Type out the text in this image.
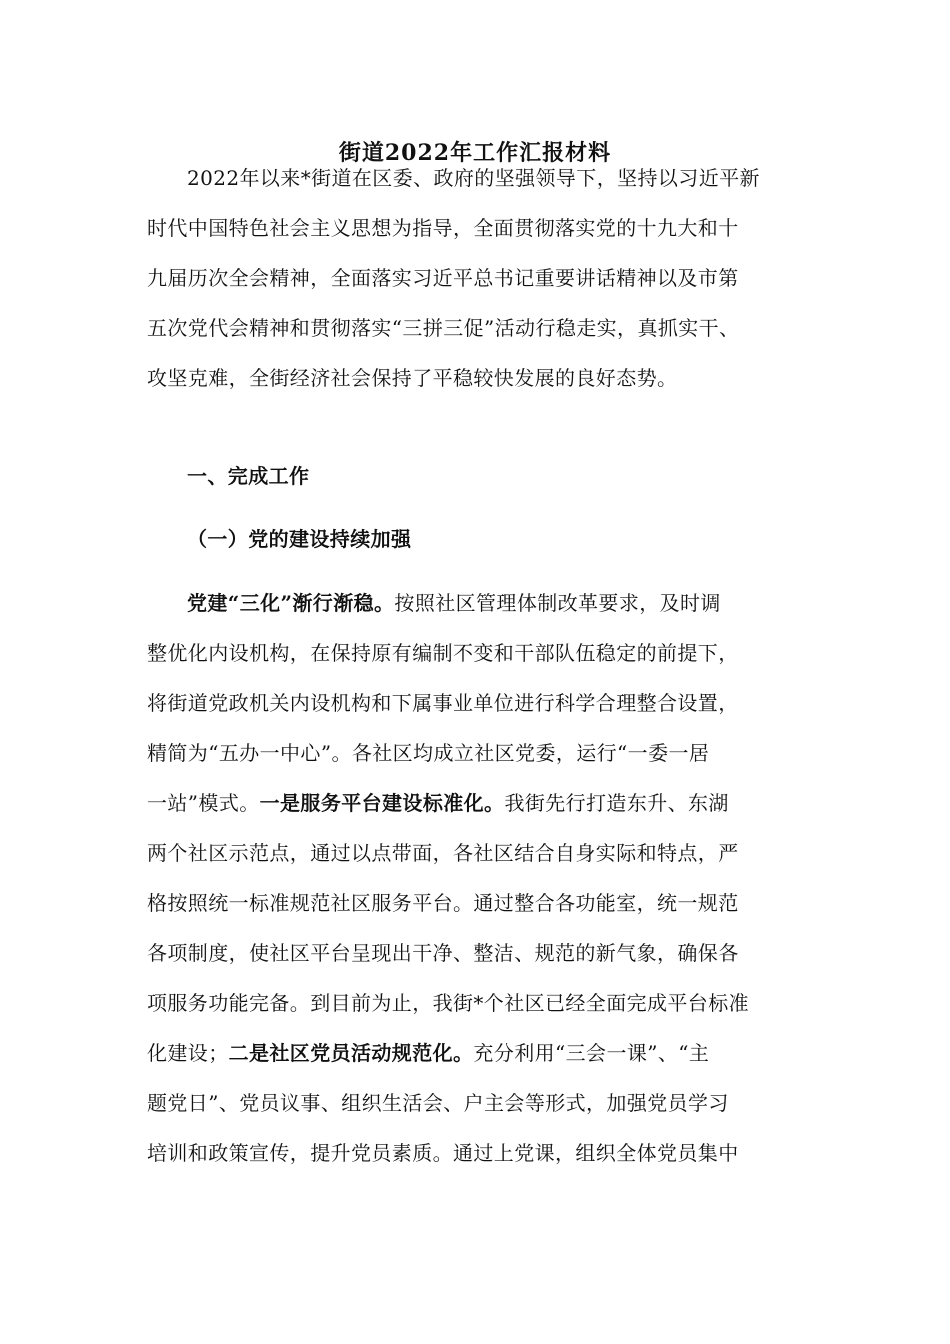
街道2022年工作汇报材料
2022年以来*街道在区委、政府的坚强领导下，坚持以习近平新
时代中国特色社会主义思想为指导，全面贯彻落实党的十九大和十
九届历次全会精神，全面落实习近平总书记重要讲话精神以及市第
五次党代会精神和贯彻落实“三拼三促”活动行稳走实，真抓实干、
攻坚克难，全街经济社会保持了平稳较快发展的良好态势。
一、完成工作
（一）党的建设持续加强
党建“三化”渐行渐稳。按照社区管理体制改革要求，及时调
整优化内设机构，在保持原有编制不变和干部队伍稳定的前提下，
将街道党政机关内设机构和下属事业单位进行科学合理整合设置，
精简为“五办一中心”。各社区均成立社区党委，运行“一委一居
一站”模式。一是服务平台建设标准化。我街先行打造东升、东湖
两个社区示范点，通过以点带面，各社区结合自身实际和特点，严
格按照统一标准规范社区服务平台。通过整合各功能室，统一规范
各项制度，使社区平台呈现出干净、整洁、规范的新气象，确保各
项服务功能完备。到目前为止，我街*个社区已经全面完成平台标准
化建设；二是社区党员活动规范化。充分利用“三会一课”、“主
题党日”、党员议事、组织生活会、户主会等形式，加强党员学习
培训和政策宣传，提升党员素质。通过上党课，组织全体党员集中
